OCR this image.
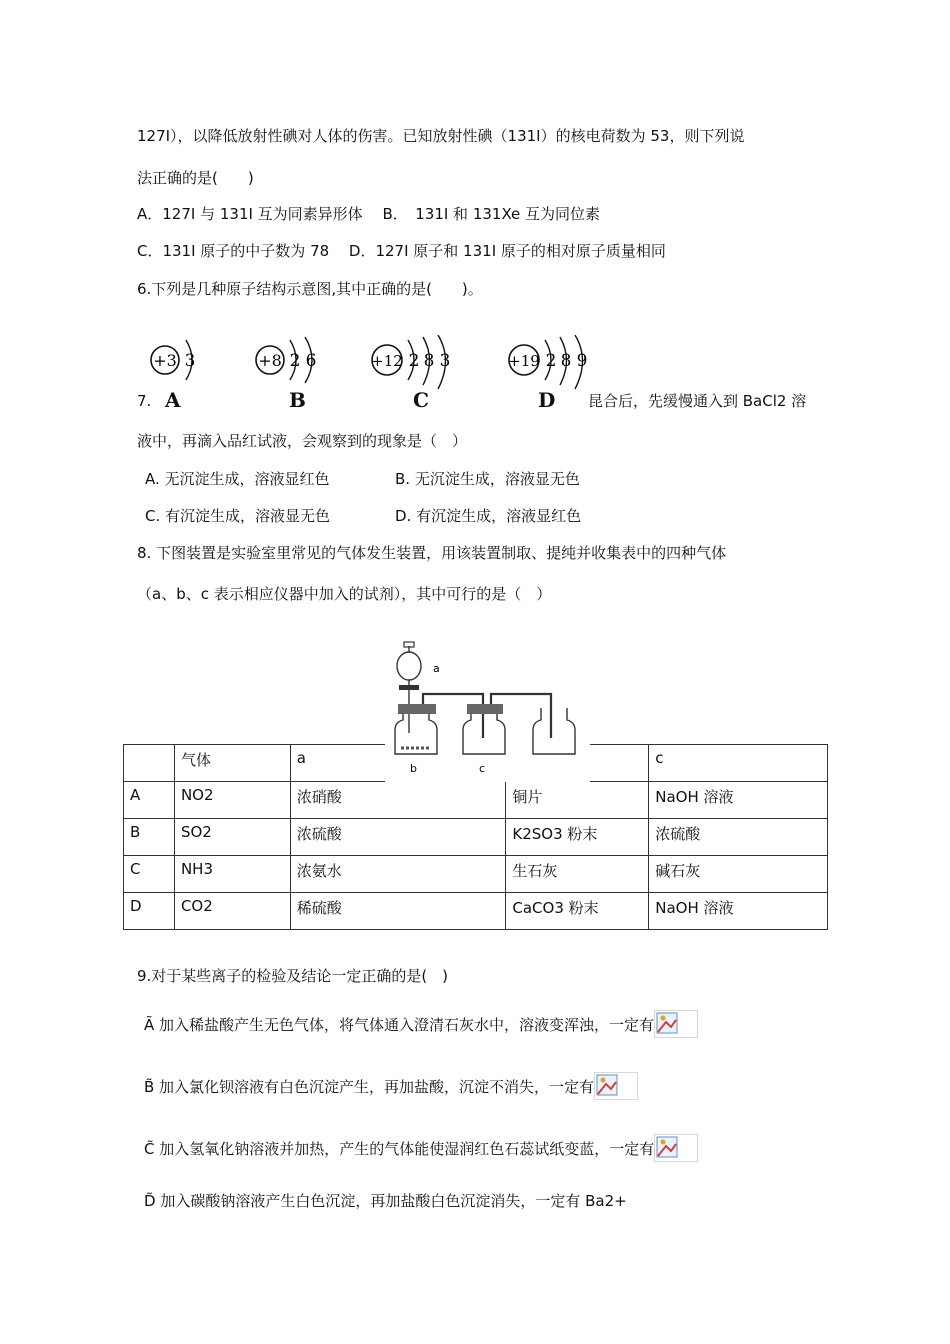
127I），以降低放射性碘对人体的伤害。已知放射性碘（131I）的核电荷数为 53，则下列说
法正确的是(　　)
A．127I 与 131I 互为同素异形体　 B．　131I 和 131Xe 互为同位素
C．131I 原子的中子数为 78　 D．127I 原子和 131I 原子的相对原子质量相同
6.下列是几种原子结构示意图,其中正确的是(　　)。
+3 3	+8 2 6	+12 2 8 3	+19 2 8 9
A	B	C	D
7.	昆合后，先缓慢通入到 BaCl2 溶
液中，再滴入品红试液，会观察到的现象是（　）
A. 无沉淀生成，溶液显红色	B. 无沉淀生成，溶液显无色
C. 有沉淀生成，溶液显无色	D. 有沉淀生成，溶液显红色
8. 下图装置是实验室里常见的气体发生装置，用该装置制取、提纯并收集表中的四种气体
（a、b、c 表示相应仪器中加入的试剂），其中可行的是（　）
	气体	a		c
A	NO2	浓硝酸	铜片	NaOH 溶液
B	SO2	浓硫酸	K2SO3 粉末	浓硫酸
C	NH3	浓氨水	生石灰	碱石灰
D	CO2	稀硫酸	CaCO3 粉末	NaOH 溶液
a
b	c
9.对于某些离子的检验及结论一定正确的是(　)
Ã 加入稀盐酸产生无色气体，将气体通入澄清石灰水中，溶液变浑浊，一定有
B̃ 加入氯化钡溶液有白色沉淀产生，再加盐酸，沉淀不消失，一定有
C̃ 加入氢氧化钠溶液并加热，产生的气体能使湿润红色石蕊试纸变蓝，一定有
D̃ 加入碳酸钠溶液产生白色沉淀，再加盐酸白色沉淀消失，一定有 Ba2+
